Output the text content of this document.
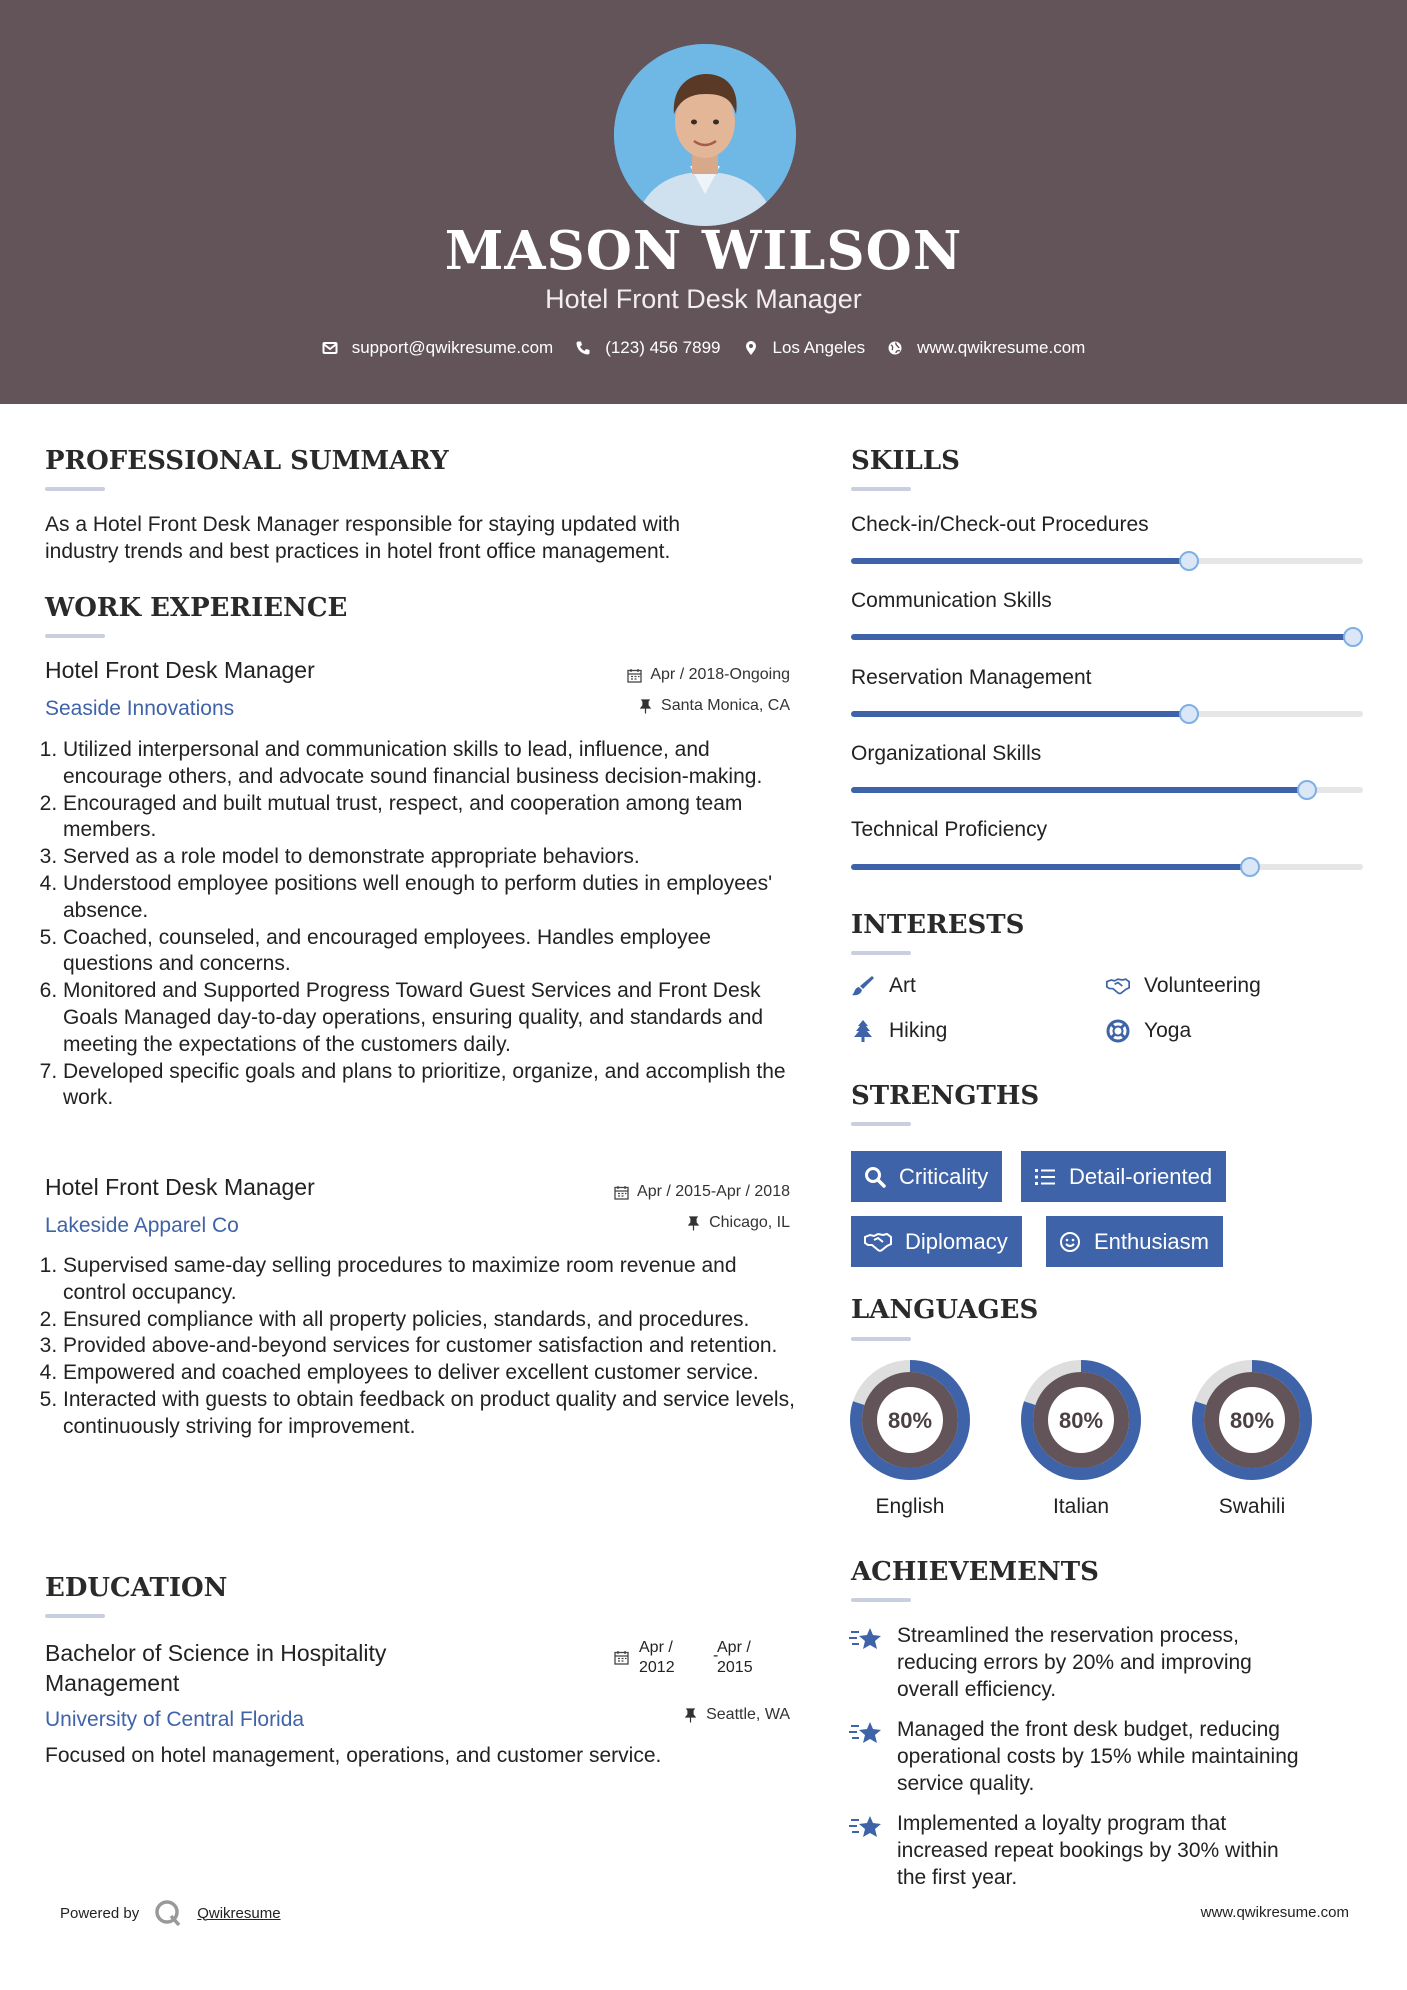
MASON WILSON
Hotel Front Desk Manager
support@qwikresume.com	(123) 456 7899	Los Angeles	www.qwikresume.com
PROFESSIONAL SUMMARY
As a Hotel Front Desk Manager responsible for staying updated with
industry trends and best practices in hotel front office management.
WORK EXPERIENCE
Hotel Front Desk Manager	Apr / 2018-Ongoing
Seaside Innovations	Santa Monica, CA
1. Utilized interpersonal and communication skills to lead, influence, and encourage others, and advocate sound financial business decision-making.
2. Encouraged and built mutual trust, respect, and cooperation among team members.
3. Served as a role model to demonstrate appropriate behaviors.
4. Understood employee positions well enough to perform duties in employees' absence.
5. Coached, counseled, and encouraged employees. Handles employee questions and concerns.
6. Monitored and Supported Progress Toward Guest Services and Front Desk Goals Managed day-to-day operations, ensuring quality, and standards and meeting the expectations of the customers daily.
7. Developed specific goals and plans to prioritize, organize, and accomplish the work.
Hotel Front Desk Manager	Apr / 2015-Apr / 2018
Lakeside Apparel Co	Chicago, IL
1. Supervised same-day selling procedures to maximize room revenue and control occupancy.
2. Ensured compliance with all property policies, standards, and procedures.
3. Provided above-and-beyond services for customer satisfaction and retention.
4. Empowered and coached employees to deliver excellent customer service.
5. Interacted with guests to obtain feedback on product quality and service levels, continuously striving for improvement.
EDUCATION
Bachelor of Science in Hospitality
Management
Apr /
2012
-
Apr /
2015
University of Central Florida	Seattle, WA
Focused on hotel management, operations, and customer service.
SKILLS
Check-in/Check-out Procedures
Communication Skills
Reservation Management
Organizational Skills
Technical Proficiency
INTERESTS
Art	Volunteering
Hiking	Yoga
STRENGTHS
Criticality	Detail-oriented
Diplomacy	Enthusiasm
LANGUAGES
80%	80%	80%
English	Italian	Swahili
ACHIEVEMENTS
Streamlined the reservation process,
reducing errors by 20% and improving
overall efficiency.
Managed the front desk budget, reducing
operational costs by 15% while maintaining
service quality.
Implemented a loyalty program that
increased repeat bookings by 30% within
the first year.
Powered by	Qwikresume	www.qwikresume.com
